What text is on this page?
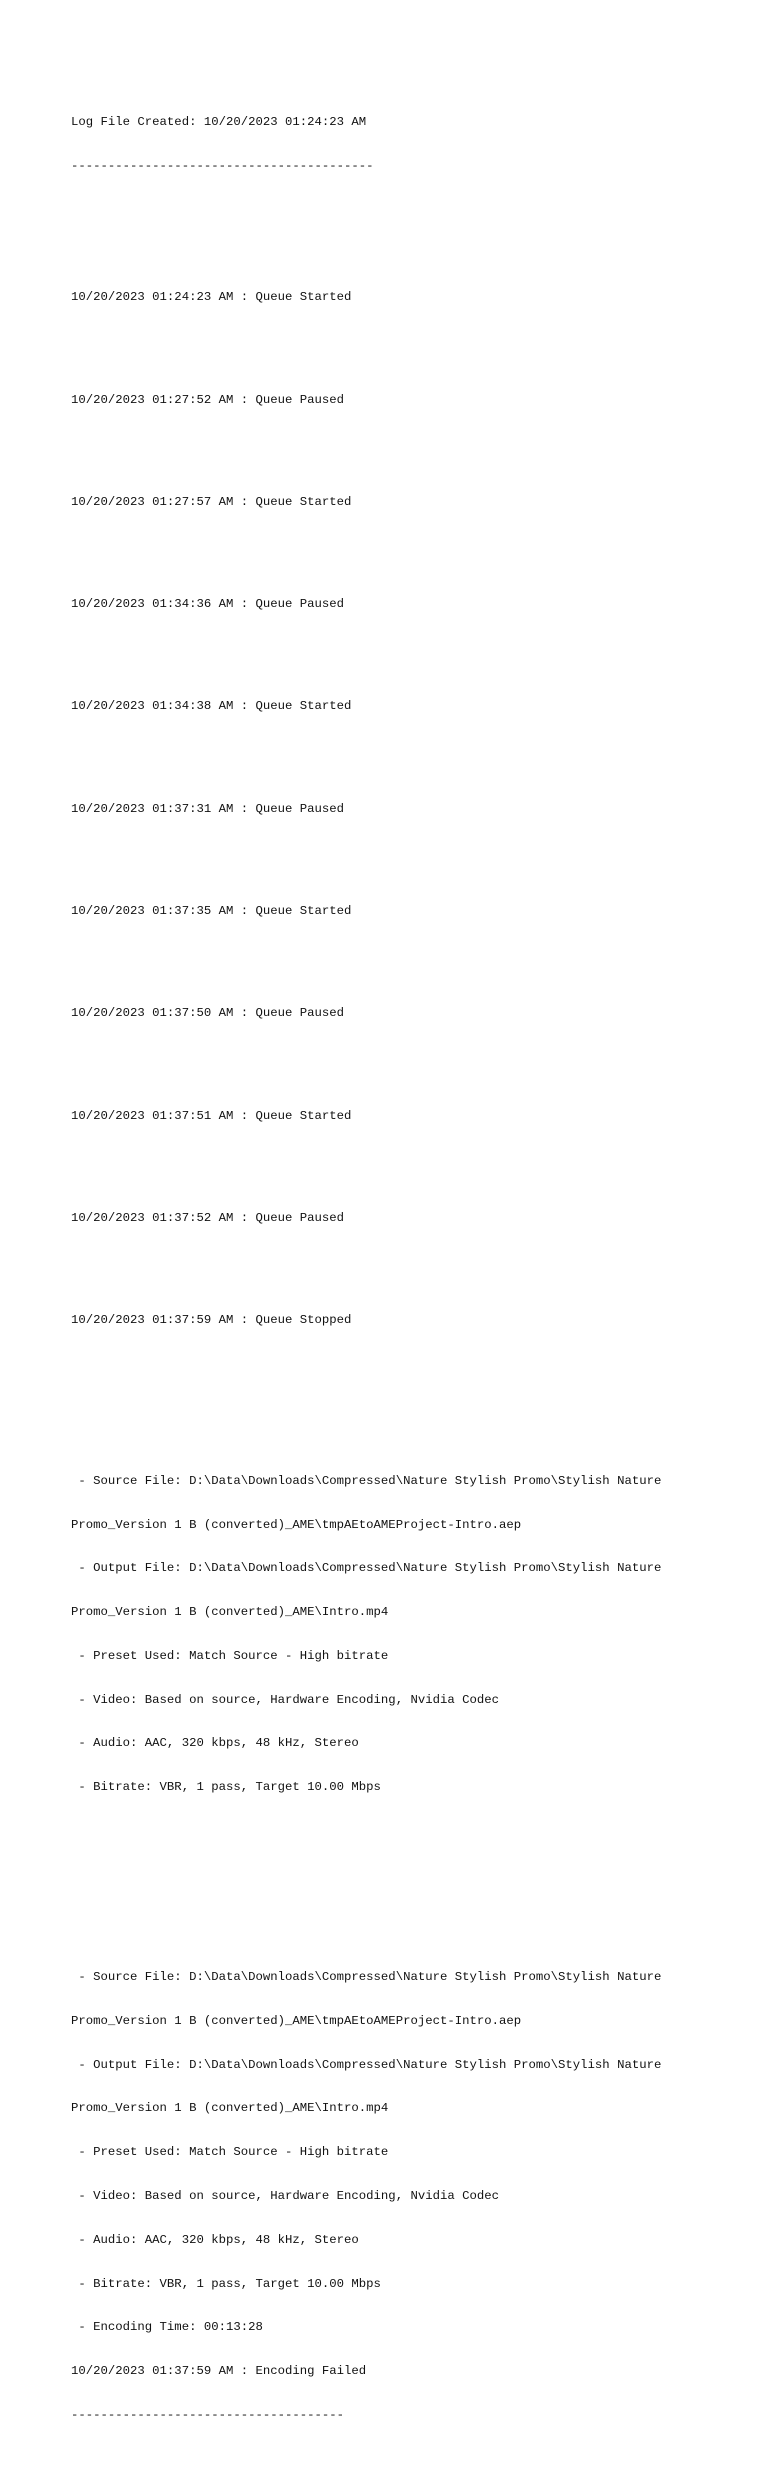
Log File Created: 10/20/2023 01:24:23 AM

-----------------------------------------

10/20/2023 01:24:23 AM : Queue Started

10/20/2023 01:27:52 AM : Queue Paused

10/20/2023 01:27:57 AM : Queue Started

10/20/2023 01:34:36 AM : Queue Paused

10/20/2023 01:34:38 AM : Queue Started

10/20/2023 01:37:31 AM : Queue Paused

10/20/2023 01:37:35 AM : Queue Started

10/20/2023 01:37:50 AM : Queue Paused

10/20/2023 01:37:51 AM : Queue Started

10/20/2023 01:37:52 AM : Queue Paused

10/20/2023 01:37:59 AM : Queue Stopped

- Source File: D:\Data\Downloads\Compressed\Nature Stylish Promo\Stylish Nature

Promo_Version 1 B (converted)_AME\tmpAEtoAMEProject-Intro.aep

- Output File: D:\Data\Downloads\Compressed\Nature Stylish Promo\Stylish Nature

Promo_Version 1 B (converted)_AME\Intro.mp4

- Preset Used: Match Source - High bitrate

- Video: Based on source, Hardware Encoding, Nvidia Codec

- Audio: AAC, 320 kbps, 48 kHz, Stereo

- Bitrate: VBR, 1 pass, Target 10.00 Mbps

- Source File: D:\Data\Downloads\Compressed\Nature Stylish Promo\Stylish Nature

Promo_Version 1 B (converted)_AME\tmpAEtoAMEProject-Intro.aep

- Output File: D:\Data\Downloads\Compressed\Nature Stylish Promo\Stylish Nature

Promo_Version 1 B (converted)_AME\Intro.mp4

- Preset Used: Match Source - High bitrate

- Video: Based on source, Hardware Encoding, Nvidia Codec

- Audio: AAC, 320 kbps, 48 kHz, Stereo

- Bitrate: VBR, 1 pass, Target 10.00 Mbps

- Encoding Time: 00:13:28

10/20/2023 01:37:59 AM : Encoding Failed

-------------------------------------
